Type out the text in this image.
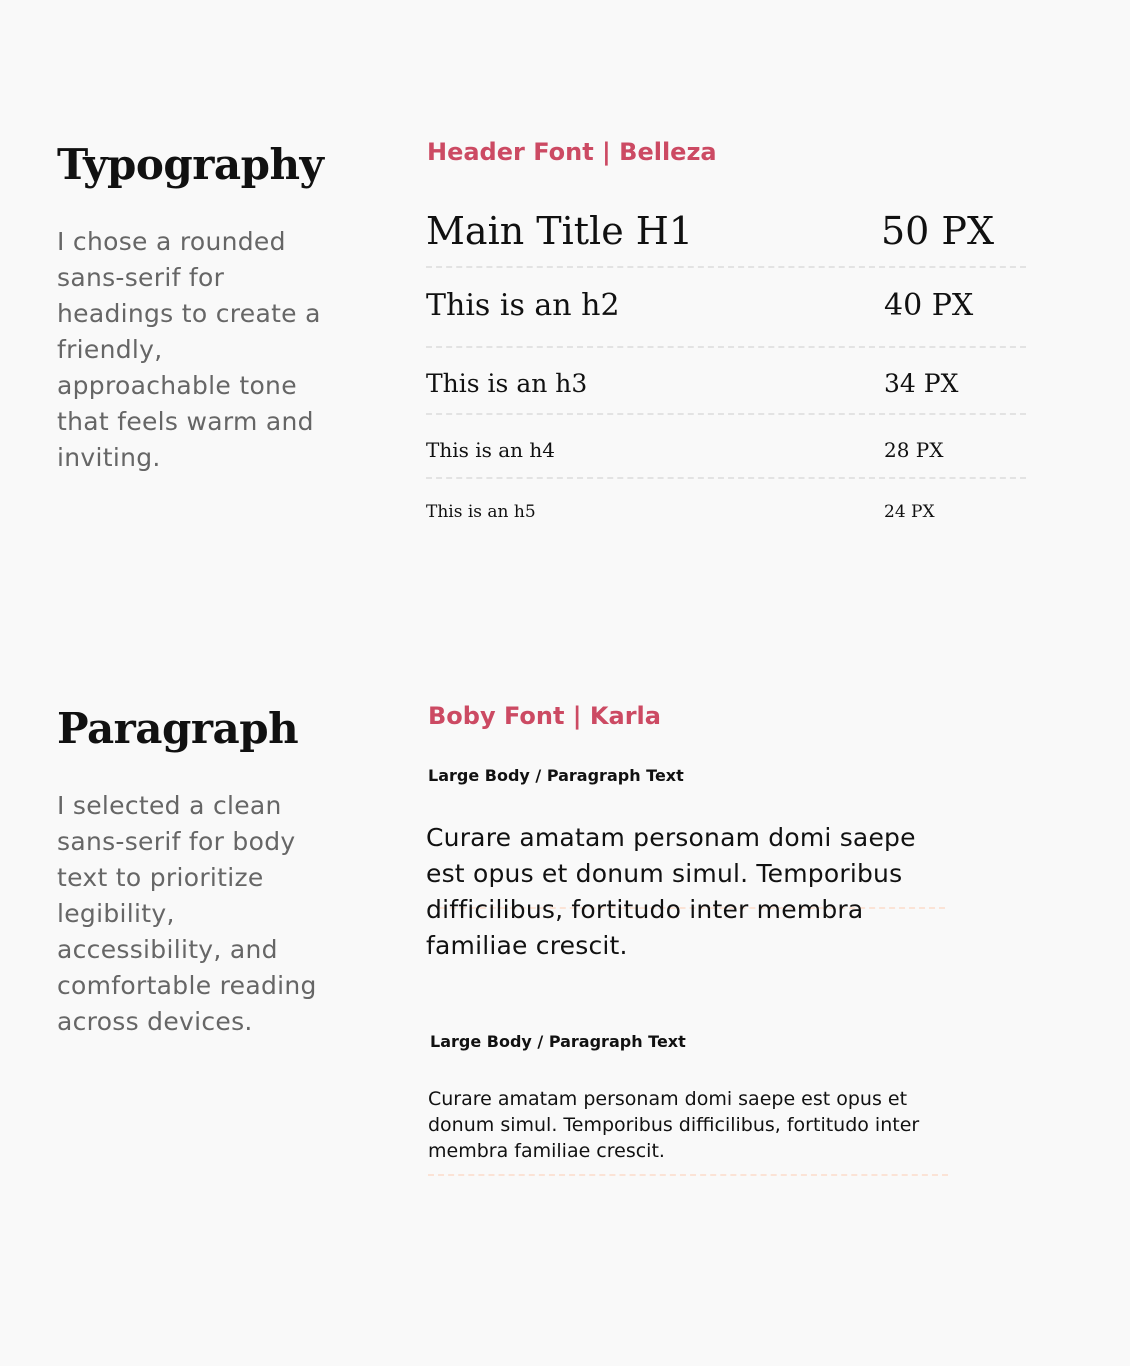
Typography

I chose a rounded sans-serif for headings to create a friendly, approachable tone that feels warm and inviting.

Header Font | Belleza

Main Title H1	50 PX
This is an h2	40 PX
This is an h3	34 PX
This is an h4	28 PX
This is an h5	24 PX
Paragraph

I selected a clean sans-serif for body text to prioritize legibility, accessibility, and comfortable reading across devices.

Boby Font | Karla

Large Body / Paragraph Text

Curare amatam personam domi saepe est opus et donum simul. Temporibus difficilibus, fortitudo inter membra familiae crescit.

Large Body / Paragraph Text

Curare amatam personam domi saepe est opus et donum simul. Temporibus difficilibus, fortitudo inter membra familiae crescit.
